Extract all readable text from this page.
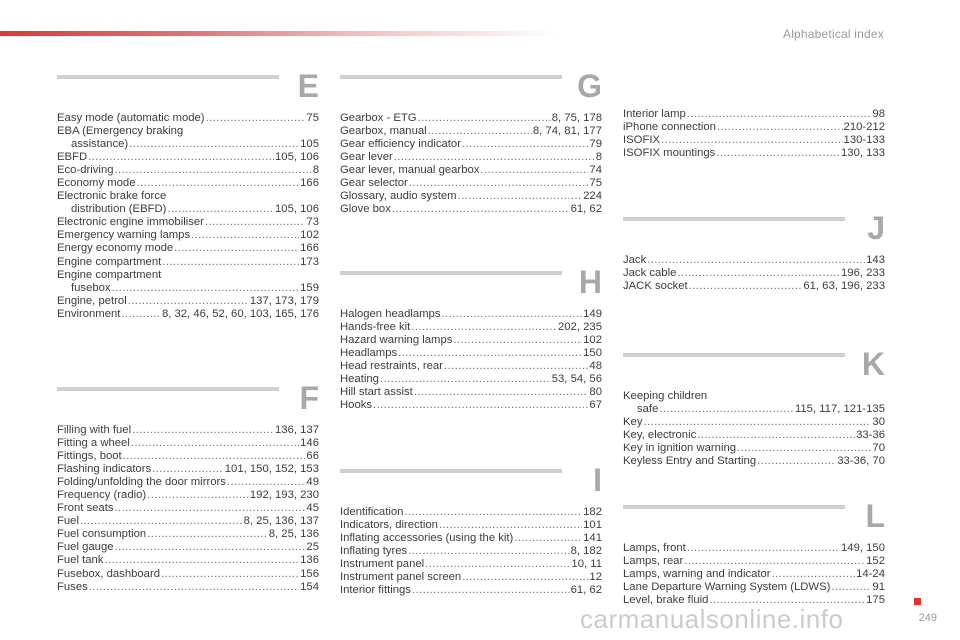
Alphabetical index
E
Easy mode (automatic mode) .....	75
EBA (Emergency braking
assistance) .....	105
EBFD .....	105, 106
Eco-driving .....	8
Economy mode .....	166
Electronic brake force
distribution (EBFD) .....	105, 106
Electronic engine immobiliser .....	73
Emergency warning lamps .....	102
Energy economy mode .....	166
Engine compartment .....	173
Engine compartment
fusebox .....	159
Engine, petrol .....	137, 173, 179
Environment .....	8, 32, 46, 52, 60, 103, 165, 176
F
Filling with fuel .....	136, 137
Fitting a wheel .....	146
Fittings, boot .....	66
Flashing indicators .....	101, 150, 152, 153
Folding/unfolding the door mirrors .....	49
Frequency (radio) .....	192, 193, 230
Front seats .....	45
Fuel .....	8, 25, 136, 137
Fuel consumption .....	8, 25, 136
Fuel gauge .....	25
Fuel tank .....	136
Fusebox, dashboard .....	156
Fuses .....	154
G
Gearbox - ETG .....	8, 75, 178
Gearbox, manual .....	8, 74, 81, 177
Gear efficiency indicator .....	79
Gear lever .....	8
Gear lever, manual gearbox .....	74
Gear selector .....	75
Glossary, audio system .....	224
Glove box .....	61, 62
H
Halogen headlamps .....	149
Hands-free kit .....	202, 235
Hazard warning lamps .....	102
Headlamps .....	150
Head restraints, rear .....	48
Heating .....	53, 54, 56
Hill start assist .....	80
Hooks .....	67
I
Identification .....	182
Indicators, direction .....	101
Inflating accessories (using the kit) .....	141
Inflating tyres .....	8, 182
Instrument panel .....	10, 11
Instrument panel screen .....	12
Interior fittings .....	61, 62
Interior lamp .....	98
iPhone connection .....	210-212
ISOFIX .....	130-133
ISOFIX mountings .....	130, 133
J
Jack .....	143
Jack cable .....	196, 233
JACK socket .....	61, 63, 196, 233
K
Keeping children
safe .....	115, 117, 121-135
Key .....	30
Key, electronic .....	33-36
Key in ignition warning .....	70
Keyless Entry and Starting .....	33-36, 70
L
Lamps, front .....	149, 150
Lamps, rear .....	152
Lamps, warning and indicator .....	14-24
Lane Departure Warning System (LDWS) .....	91
Level, brake fluid .....	175
249
carmanualsonline.info
